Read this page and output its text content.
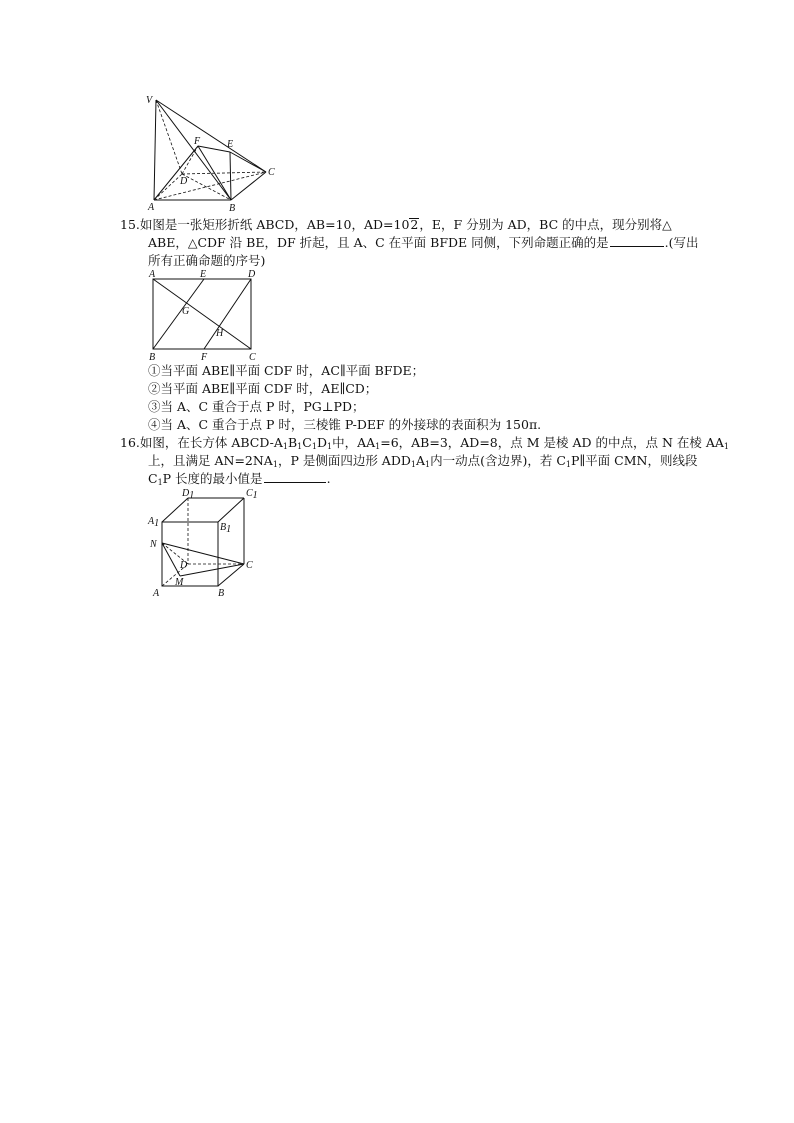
V
F	E
C
D
A	B
15.如图是一张矩形折纸 ABCD，AB=10，AD=102，E，F 分别为 AD，BC 的中点，现分别将△
ABE，△CDF 沿 BE，DF 折起，且 A、C 在平面 BFDE 同侧，下列命题正确的是	.(写出
所有正确命题的序号)
A	E	D
G
H
B	F	C
①当平面 ABE∥平面 CDF 时，AC∥平面 BFDE；
②当平面 ABE∥平面 CDF 时，AE∥CD；
③当 A、C 重合于点 P 时，PG⊥PD；
④当 A、C 重合于点 P 时，三棱锥 P-DEF 的外接球的表面积为 150π.
16.如图，在长方体 ABCD-$A_1B_1C_1D_1$中，$AA_1=6$，AB=3，AD=8，点 M 是棱 AD 的中点，点 N 在棱 $AA_1$
上，且满足 $AN=2NA_1$，P 是侧面四边形 $ADD_1A_1$内一动点(含边界)，若 $C_1P\parallel$平面 CMN，则线段
$C_1P$ 长度的最小值是	.
D1	C1
A1	B1
N
D	C
M
A	B
